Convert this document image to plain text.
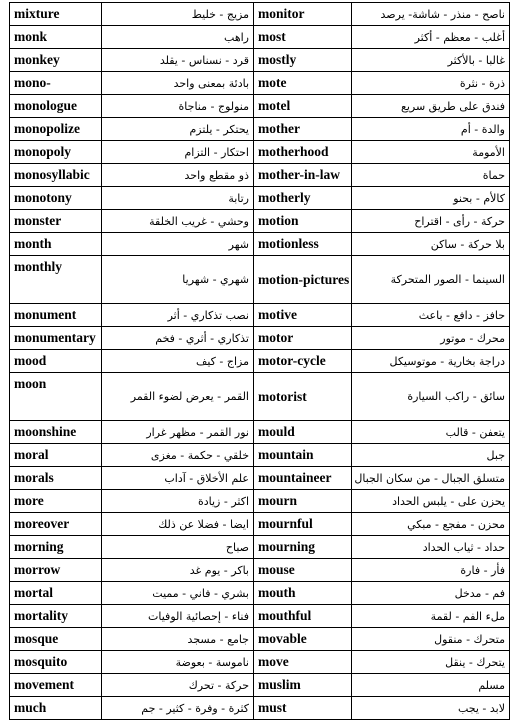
mixture	مزيج - خليط	monitor	ناصح - منذر - شاشة- يرصد
monk	راهب	most	أغلب - معظم - أكثر
monkey	قرد - نسناس - يقلد	mostly	غالبا - بالأكثر
mono-	بادئة بمعنى واحد	mote	ذرة - نثرة
monologue	منولوج - مناجاة	motel	فندق على طريق سريع
monopolize	يحتكر - يلتزم	mother	والدة - أم
monopoly	احتكار - التزام	motherhood	الأمومة
monosyllabic	ذو مقطع واحد	mother-in-law	حماة
monotony	رتابة	motherly	كالأم - بحنو
monster	وحشي - غريب الخلقة	motion	حركة - رأى - اقتراح
month	شهر	motionless	بلا حركة - ساكن
monthly	شهري - شهريا	motion-pictures	السينما - الصور المتحركة
monument	نصب تذكاري - أثر	motive	حافز - دافع - باعث
monumentary	تذكاري - أثري - فخم	motor	محرك - موتور
mood	مزاج - كيف	motor-cycle	دراجة بخارية - موتوسيكل
moon	القمر - يعرض لضوء القمر	motorist	سائق - راكب السيارة
moonshine	نور القمر - مظهر غرار	mould	يتعفن - قالب
moral	خلقي - حكمة - مغزى	mountain	جبل
morals	علم الأخلاق - آداب	mountaineer	متسلق الجبال - من سكان الجبال
more	اكثر - زيادة	mourn	يحزن على - يلبس الحداد
moreover	ايضا - فضلا عن ذلك	mournful	محزن - مفجع - مبكي
morning	صباح	mourning	حداد - ثياب الحداد
morrow	باكر - يوم غد	mouse	فأر - فارة
mortal	بشري - فاني - مميت	mouth	فم - مدخل
mortality	فناء - إحصائية الوفيات	mouthful	ملء الفم - لقمة
mosque	جامع - مسجد	movable	متحرك - منقول
mosquito	ناموسة - بعوضة	move	يتحرك - ينقل
movement	حركة - تحرك	muslim	مسلم
much	كثرة - وفرة - كثير - جم	must	لابد - يجب
